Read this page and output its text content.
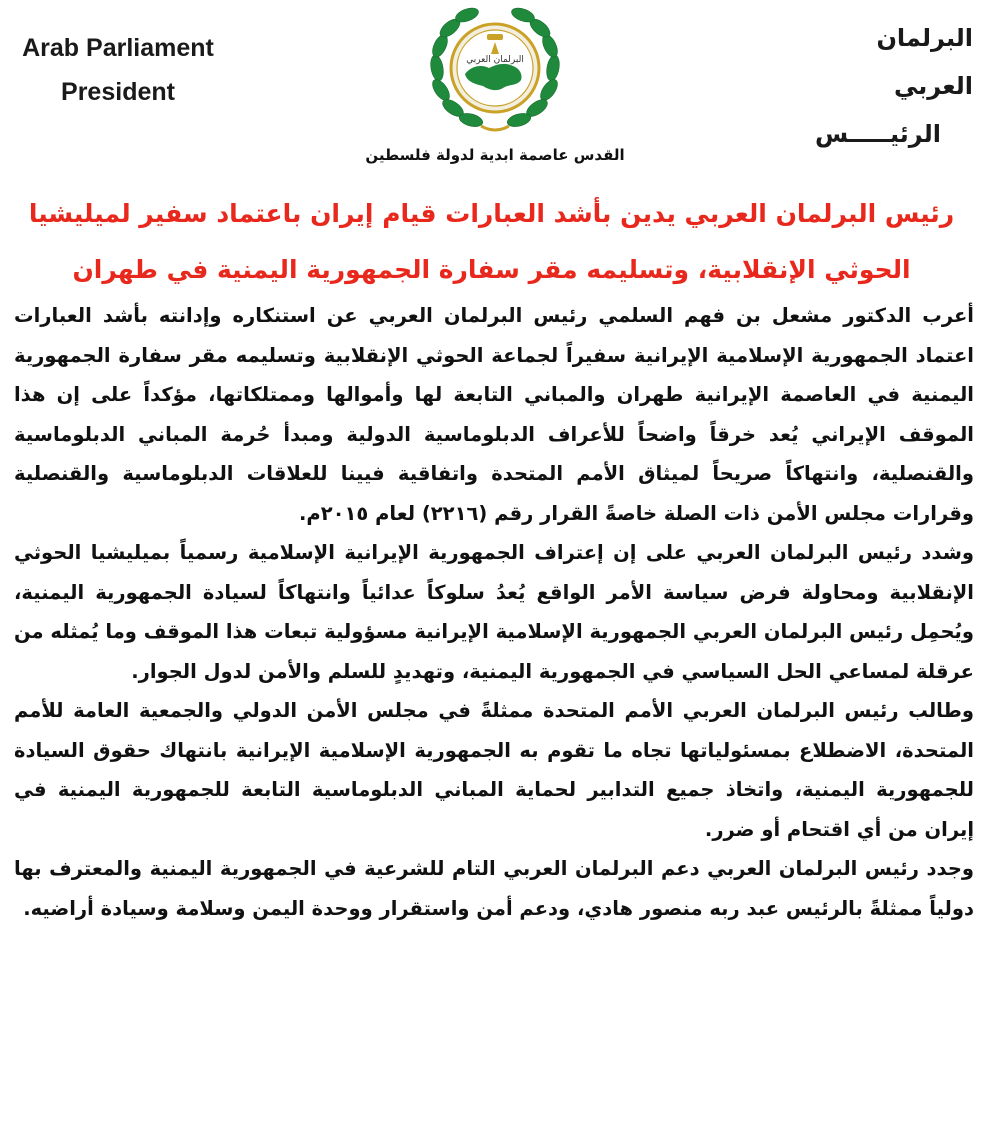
Arab Parliament
President
البرلمان العربي
الرئيـــــس
البرلمان العربي
القدس عاصمة ابدية لدولة فلسطين
رئيس البرلمان العربي يدين بأشد العبارات قيام إيران باعتماد سفير لميليشيا
الحوثي الإنقلابية، وتسليمه مقر سفارة الجمهورية اليمنية في طهران

أعرب الدكتور مشعل بن فهم السلمي رئيس البرلمان العربي عن استنكاره وإدانته بأشد العبارات اعتماد الجمهورية الإسلامية الإيرانية سفيراً لجماعة الحوثي الإنقلابية وتسليمه مقر سفارة الجمهورية اليمنية في العاصمة الإيرانية طهران والمباني التابعة لها وأموالها وممتلكاتها، مؤكداً على إن هذا الموقف الإيراني يُعد خرقاً واضحاً للأعراف الدبلوماسية الدولية ومبدأ حُرمة المباني الدبلوماسية والقنصلية، وانتهاكاً صريحاً لميثاق الأمم المتحدة واتفاقية فيينا للعلاقات الدبلوماسية والقنصلية وقرارات مجلس الأمن ذات الصلة خاصةً القرار رقم (٢٢١٦) لعام ٢٠١٥م.

وشدد رئيس البرلمان العربي على إن إعتراف الجمهورية الإيرانية الإسلامية رسمياً بميليشيا الحوثي الإنقلابية ومحاولة فرض سياسة الأمر الواقع يُعدُ سلوكاً عدائياً وانتهاكاً لسيادة الجمهورية اليمنية، ويُحمِل رئيس البرلمان العربي الجمهورية الإسلامية الإيرانية مسؤولية تبعات هذا الموقف وما يُمثله من عرقلة لمساعي الحل السياسي في الجمهورية اليمنية، وتهديدٍ للسلم والأمن لدول الجوار.

وطالب رئيس البرلمان العربي الأمم المتحدة ممثلةً في مجلس الأمن الدولي والجمعية العامة للأمم المتحدة، الاضطلاع بمسئولياتها تجاه ما تقوم به الجمهورية الإسلامية الإيرانية بانتهاك حقوق السيادة للجمهورية اليمنية، واتخاذ جميع التدابير لحماية المباني الدبلوماسية التابعة للجمهورية اليمنية في إيران من أي اقتحام أو ضرر.

وجدد رئيس البرلمان العربي دعم البرلمان العربي التام للشرعية في الجمهورية اليمنية والمعترف بها دولياً ممثلةً بالرئيس عبد ربه منصور هادي، ودعم أمن واستقرار ووحدة اليمن وسلامة وسيادة أراضيه.
